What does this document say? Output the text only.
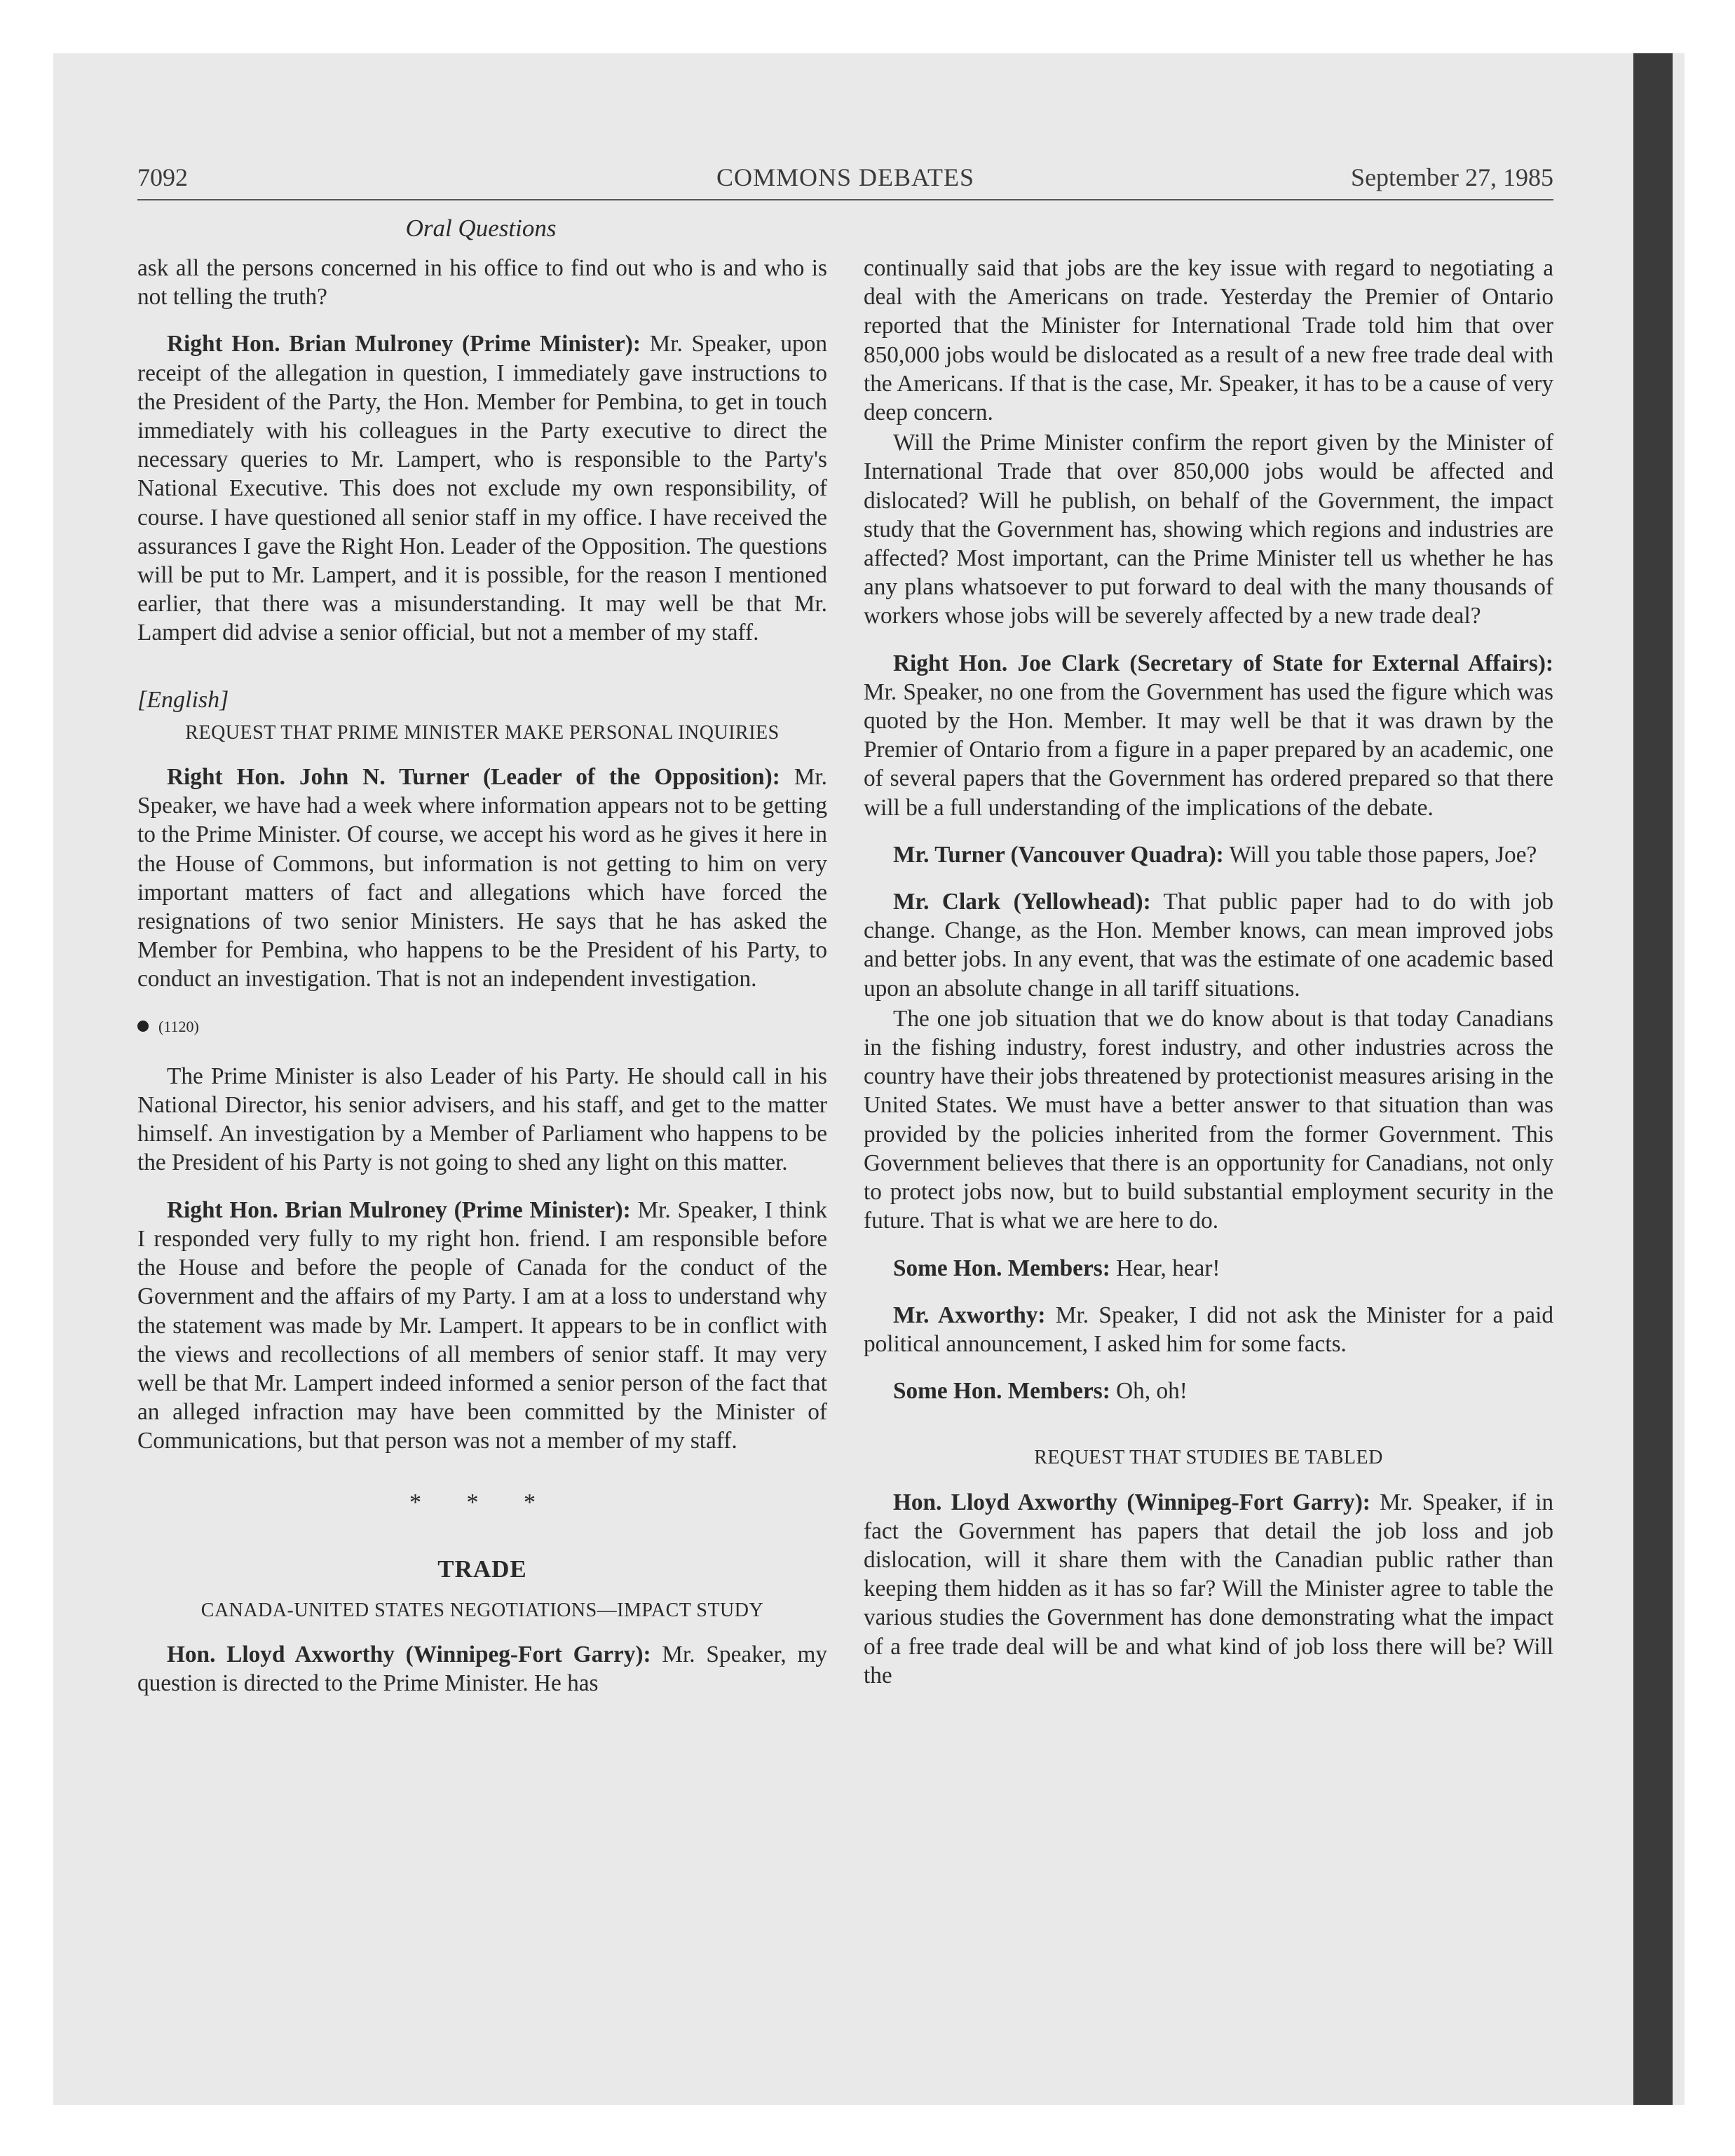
7092	COMMONS DEBATES	September 27, 1985
Oral Questions

ask all the persons concerned in his office to find out who is and who is not telling the truth?

Right Hon. Brian Mulroney (Prime Minister): Mr. Speaker, upon receipt of the allegation in question, I immediately gave instructions to the President of the Party, the Hon. Member for Pembina, to get in touch immediately with his colleagues in the Party executive to direct the necessary queries to Mr. Lampert, who is responsible to the Party's National Executive. This does not exclude my own responsibility, of course. I have questioned all senior staff in my office. I have received the assurances I gave the Right Hon. Leader of the Opposition. The questions will be put to Mr. Lampert, and it is possible, for the reason I mentioned earlier, that there was a misunderstanding. It may well be that Mr. Lampert did advise a senior official, but not a member of my staff.

[English]
REQUEST THAT PRIME MINISTER MAKE PERSONAL INQUIRIES

Right Hon. John N. Turner (Leader of the Opposition): Mr. Speaker, we have had a week where information appears not to be getting to the Prime Minister. Of course, we accept his word as he gives it here in the House of Commons, but information is not getting to him on very important matters of fact and allegations which have forced the resignations of two senior Ministers. He says that he has asked the Member for Pembina, who happens to be the President of his Party, to conduct an investigation. That is not an independent investigation.

(1120)

The Prime Minister is also Leader of his Party. He should call in his National Director, his senior advisers, and his staff, and get to the matter himself. An investigation by a Member of Parliament who happens to be the President of his Party is not going to shed any light on this matter.

Right Hon. Brian Mulroney (Prime Minister): Mr. Speaker, I think I responded very fully to my right hon. friend. I am responsible before the House and before the people of Canada for the conduct of the Government and the affairs of my Party. I am at a loss to understand why the statement was made by Mr. Lampert. It appears to be in conflict with the views and recollections of all members of senior staff. It may very well be that Mr. Lampert indeed informed a senior person of the fact that an alleged infraction may have been committed by the Minister of Communications, but that person was not a member of my staff.

* * *
TRADE
CANADA-UNITED STATES NEGOTIATIONS—IMPACT STUDY

Hon. Lloyd Axworthy (Winnipeg-Fort Garry): Mr. Speaker, my question is directed to the Prime Minister. He has

continually said that jobs are the key issue with regard to negotiating a deal with the Americans on trade. Yesterday the Premier of Ontario reported that the Minister for International Trade told him that over 850,000 jobs would be dislocated as a result of a new free trade deal with the Americans. If that is the case, Mr. Speaker, it has to be a cause of very deep concern.

Will the Prime Minister confirm the report given by the Minister of International Trade that over 850,000 jobs would be affected and dislocated? Will he publish, on behalf of the Government, the impact study that the Government has, showing which regions and industries are affected? Most important, can the Prime Minister tell us whether he has any plans whatsoever to put forward to deal with the many thousands of workers whose jobs will be severely affected by a new trade deal?

Right Hon. Joe Clark (Secretary of State for External Affairs): Mr. Speaker, no one from the Government has used the figure which was quoted by the Hon. Member. It may well be that it was drawn by the Premier of Ontario from a figure in a paper prepared by an academic, one of several papers that the Government has ordered prepared so that there will be a full understanding of the implications of the debate.

Mr. Turner (Vancouver Quadra): Will you table those papers, Joe?

Mr. Clark (Yellowhead): That public paper had to do with job change. Change, as the Hon. Member knows, can mean improved jobs and better jobs. In any event, that was the estimate of one academic based upon an absolute change in all tariff situations.

The one job situation that we do know about is that today Canadians in the fishing industry, forest industry, and other industries across the country have their jobs threatened by protectionist measures arising in the United States. We must have a better answer to that situation than was provided by the policies inherited from the former Government. This Government believes that there is an opportunity for Canadians, not only to protect jobs now, but to build substantial employment security in the future. That is what we are here to do.

Some Hon. Members: Hear, hear!

Mr. Axworthy: Mr. Speaker, I did not ask the Minister for a paid political announcement, I asked him for some facts.

Some Hon. Members: Oh, oh!

REQUEST THAT STUDIES BE TABLED

Hon. Lloyd Axworthy (Winnipeg-Fort Garry): Mr. Speaker, if in fact the Government has papers that detail the job loss and job dislocation, will it share them with the Canadian public rather than keeping them hidden as it has so far? Will the Minister agree to table the various studies the Government has done demonstrating what the impact of a free trade deal will be and what kind of job loss there will be? Will the
